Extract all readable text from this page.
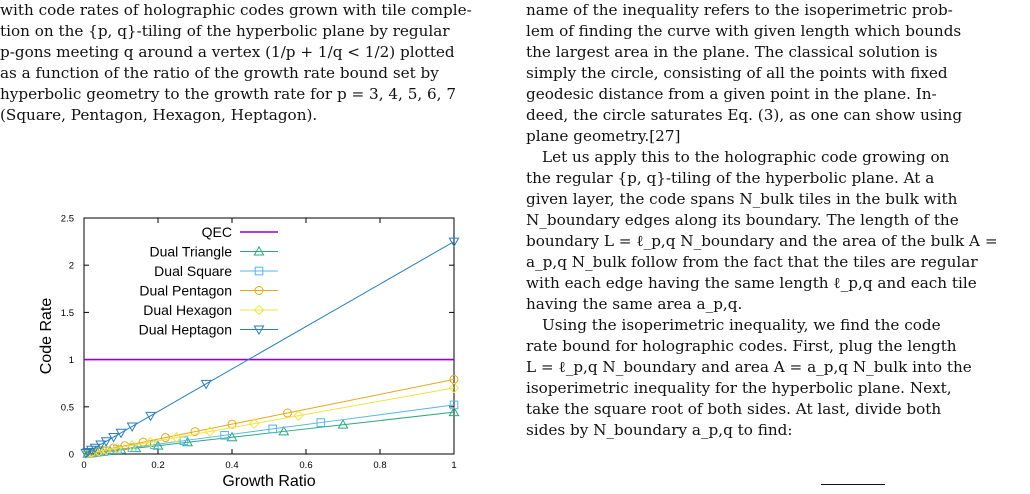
with code rates of holographic codes grown with tile comple-
tion on the {p, q}-tiling of the hyperbolic plane by regular
p-gons meeting q around a vertex (1/p + 1/q < 1/2) plotted
as a function of the ratio of the growth rate bound set by
hyperbolic geometry to the growth rate for p = 3, 4, 5, 6, 7
(Square, Pentagon, Hexagon, Heptagon).
Growth Ratio
Code Rate
0	0.2	0.4	0.6	0.8	1
0
0.5
1
1.5
2
2.5
QEC
Dual Triangle
Dual Square
Dual Pentagon
Dual Hexagon
Dual Heptagon
name of the inequality refers to the isoperimetric prob-
lem of finding the curve with given length which bounds
the largest area in the plane. The classical solution is
simply the circle, consisting of all the points with fixed
geodesic distance from a given point in the plane. In-
deed, the circle saturates Eq. (3), as one can show using
plane geometry.[27]
Let us apply this to the holographic code growing on
the regular {p, q}-tiling of the hyperbolic plane. At a
given layer, the code spans N_bulk tiles in the bulk with
N_boundary edges along its boundary. The length of the
boundary L = ℓ_p,q N_boundary and the area of the bulk A =
a_p,q N_bulk follow from the fact that the tiles are regular
with each edge having the same length ℓ_p,q and each tile
having the same area a_p,q.
Using the isoperimetric inequality, we find the code
rate bound for holographic codes. First, plug the length
L = ℓ_p,q N_boundary and area A = a_p,q N_bulk into the
isoperimetric inequality for the hyperbolic plane. Next,
take the square root of both sides. At last, divide both
sides by N_boundary a_p,q to find:
